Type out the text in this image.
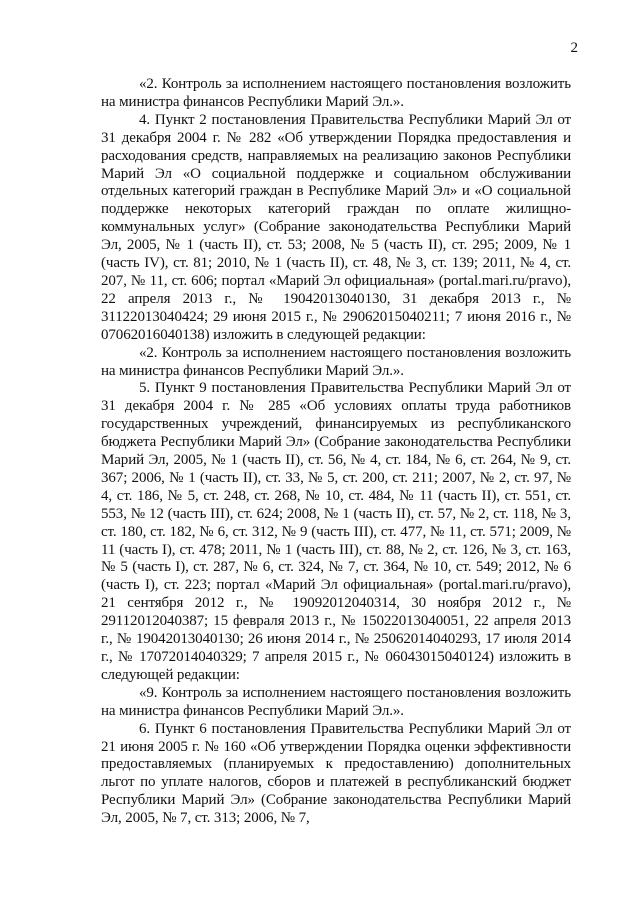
2

«2. Контроль за исполнением настоящего постановления возложить на министра финансов Республики Марий Эл.».

4. Пункт 2 постановления Правительства Республики Марий Эл от 31 декабря 2004 г. № 282 «Об утверждении Порядка предоставления и расходования средств, направляемых на реализацию законов Республики Марий Эл «О социальной поддержке и социальном обслуживании отдельных категорий граждан в Республике Марий Эл» и «О социальной поддержке некоторых категорий граждан по оплате жилищно-коммунальных услуг» (Собрание законодательства Республики Марий Эл, 2005, № 1 (часть II), ст. 53; 2008, № 5 (часть II), ст. 295; 2009, № 1 (часть IV), ст. 81; 2010, № 1 (часть II), ст. 48, № 3, ст. 139; 2011, № 4, ст. 207, № 11, ст. 606; портал «Марий Эл официальная» (portal.mari.ru/pravo), 22 апреля 2013 г., № 19042013040130, 31 декабря 2013 г., № 31122013040424; 29 июня 2015 г., № 29062015040211; 7 июня 2016 г., № 07062016040138) изложить в следующей редакции:

«2. Контроль за исполнением настоящего постановления возложить на министра финансов Республики Марий Эл.».

5. Пункт 9 постановления Правительства Республики Марий Эл от 31 декабря 2004 г. № 285 «Об условиях оплаты труда работников государственных учреждений, финансируемых из республиканского бюджета Республики Марий Эл» (Собрание законодательства Республики Марий Эл, 2005, № 1 (часть II), ст. 56, № 4, ст. 184, № 6, ст. 264, № 9, ст. 367; 2006, № 1 (часть II), ст. 33, № 5, ст. 200, ст. 211; 2007, № 2, ст. 97, № 4, ст. 186, № 5, ст. 248, ст. 268, № 10, ст. 484, № 11 (часть II), ст. 551, ст. 553, № 12 (часть III), ст. 624; 2008, № 1 (часть II), ст. 57, № 2, ст. 118, № 3, ст. 180, ст. 182, № 6, ст. 312, № 9 (часть III), ст. 477, № 11, ст. 571; 2009, № 11 (часть I), ст. 478; 2011, № 1 (часть III), ст. 88, № 2, ст. 126, № 3, ст. 163, № 5 (часть I), ст. 287, № 6, ст. 324, № 7, ст. 364, № 10, ст. 549; 2012, № 6 (часть I), ст. 223; портал «Марий Эл официальная» (portal.mari.ru/pravo), 21 сентября 2012 г., № 19092012040314, 30 ноября 2012 г., № 29112012040387; 15 февраля 2013 г., № 15022013040051, 22 апреля 2013 г., № 19042013040130; 26 июня 2014 г., № 25062014040293, 17 июля 2014 г., № 17072014040329; 7 апреля 2015 г., № 06043015040124) изложить в следующей редакции:

«9. Контроль за исполнением настоящего постановления возложить на министра финансов Республики Марий Эл.».

6. Пункт 6 постановления Правительства Республики Марий Эл от 21 июня 2005 г. № 160 «Об утверждении Порядка оценки эффективности предоставляемых (планируемых к предоставлению) дополнительных льгот по уплате налогов, сборов и платежей в республиканский бюджет Республики Марий Эл» (Собрание законодательства Республики Марий Эл, 2005, № 7, ст. 313; 2006, № 7,
